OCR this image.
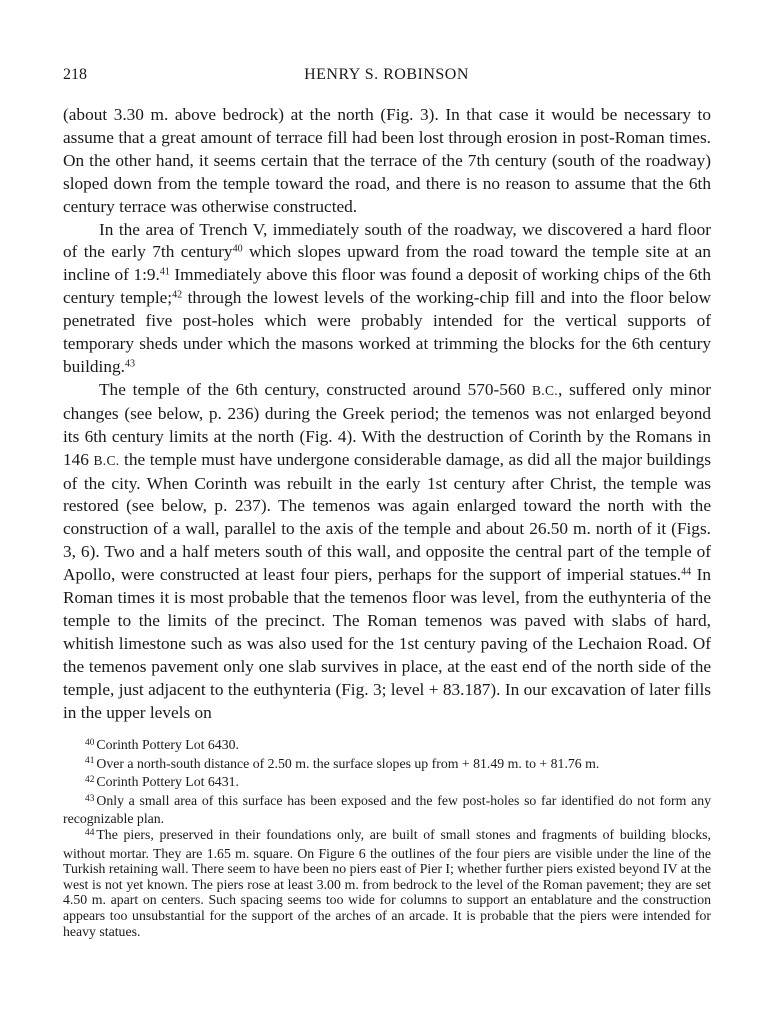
218	HENRY S. ROBINSON

(about 3.30 m. above bedrock) at the north (Fig. 3). In that case it would be necessary to assume that a great amount of terrace fill had been lost through erosion in post-Roman times. On the other hand, it seems certain that the terrace of the 7th century (south of the roadway) sloped down from the temple toward the road, and there is no reason to assume that the 6th century terrace was otherwise constructed.

In the area of Trench V, immediately south of the roadway, we discovered a hard floor of the early 7th century$^{40}$ which slopes upward from the road toward the temple site at an incline of 1:9.41 Immediately above this floor was found a deposit of working chips of the 6th century temple;$^{42}$ through the lowest levels of the working-chip fill and into the floor below penetrated five post-holes which were probably intended for the vertical supports of temporary sheds under which the masons worked at trimming the blocks for the 6th century building.$^{43}$

The temple of the 6th century, constructed around 570-560 B.C., suffered only minor changes (see below, p. 236) during the Greek period; the temenos was not enlarged beyond its 6th century limits at the north (Fig. 4). With the destruction of Corinth by the Romans in 146 B.C. the temple must have undergone considerable damage, as did all the major buildings of the city. When Corinth was rebuilt in the early 1st century after Christ, the temple was restored (see below, p. 237). The temenos was again enlarged toward the north with the construction of a wall, parallel to the axis of the temple and about 26.50 m. north of it (Figs. 3, 6). Two and a half meters south of this wall, and opposite the central part of the temple of Apollo, were constructed at least four piers, perhaps for the support of imperial statues.$^{44}$ In Roman times it is most probable that the temenos floor was level, from the euthynteria of the temple to the limits of the precinct. The Roman temenos was paved with slabs of hard, whitish limestone such as was also used for the 1st century paving of the Lechaion Road. Of the temenos pavement only one slab survives in place, at the east end of the north side of the temple, just adjacent to the euthynteria (Fig. 3; level + 83.187). In our excavation of later fills in the upper levels on

$^{40}$ Corinth Pottery Lot 6430.

$^{41}$ Over a north-south distance of 2.50 m. the surface slopes up from + 81.49 m. to + 81.76 m.

$^{42}$ Corinth Pottery Lot 6431.

$^{43}$ Only a small area of this surface has been exposed and the few post-holes so far identified do not form any recognizable plan.

$^{44}$ The piers, preserved in their foundations only, are built of small stones and fragments of building blocks, without mortar. They are 1.65 m. square. On Figure 6 the outlines of the four piers are visible under the line of the Turkish retaining wall. There seem to have been no piers east of Pier I; whether further piers existed beyond IV at the west is not yet known. The piers rose at least 3.00 m. from bedrock to the level of the Roman pavement; they are set 4.50 m. apart on centers. Such spacing seems too wide for columns to support an entablature and the construction appears too unsubstantial for the support of the arches of an arcade. It is probable that the piers were intended for heavy statues.
